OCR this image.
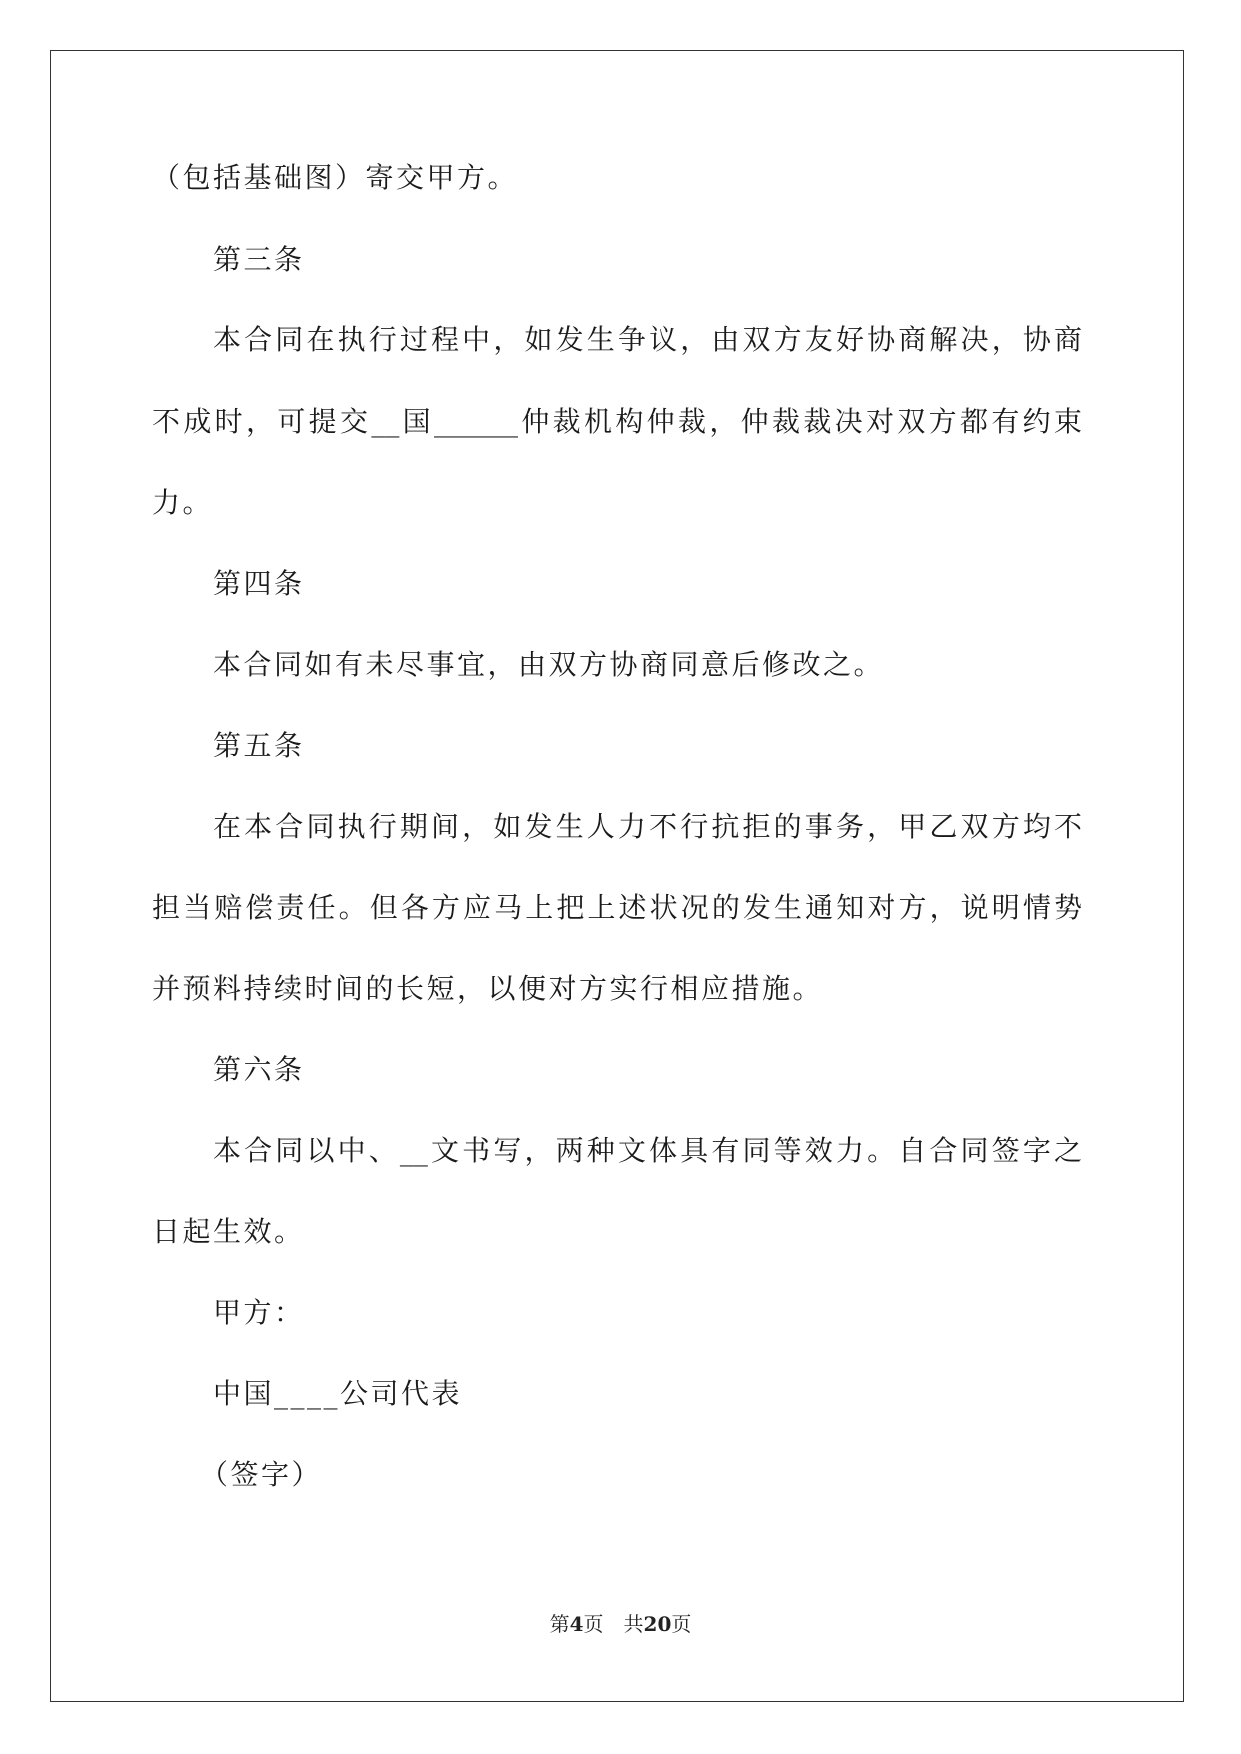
（包括基础图）寄交甲方。
第三条
本合同在执行过程中，如发生争议，由双方友好协商解决，协商
不成时，可提交__国______仲裁机构仲裁，仲裁裁决对双方都有约束
力。
第四条
本合同如有未尽事宜，由双方协商同意后修改之。
第五条
在本合同执行期间，如发生人力不行抗拒的事务，甲乙双方均不
担当赔偿责任。但各方应马上把上述状况的发生通知对方，说明情势
并预料持续时间的长短，以便对方实行相应措施。
第六条
本合同以中、__文书写，两种文体具有同等效力。自合同签字之
日起生效。
甲方：
中国____公司代表
（签字）
第4页　共20页
